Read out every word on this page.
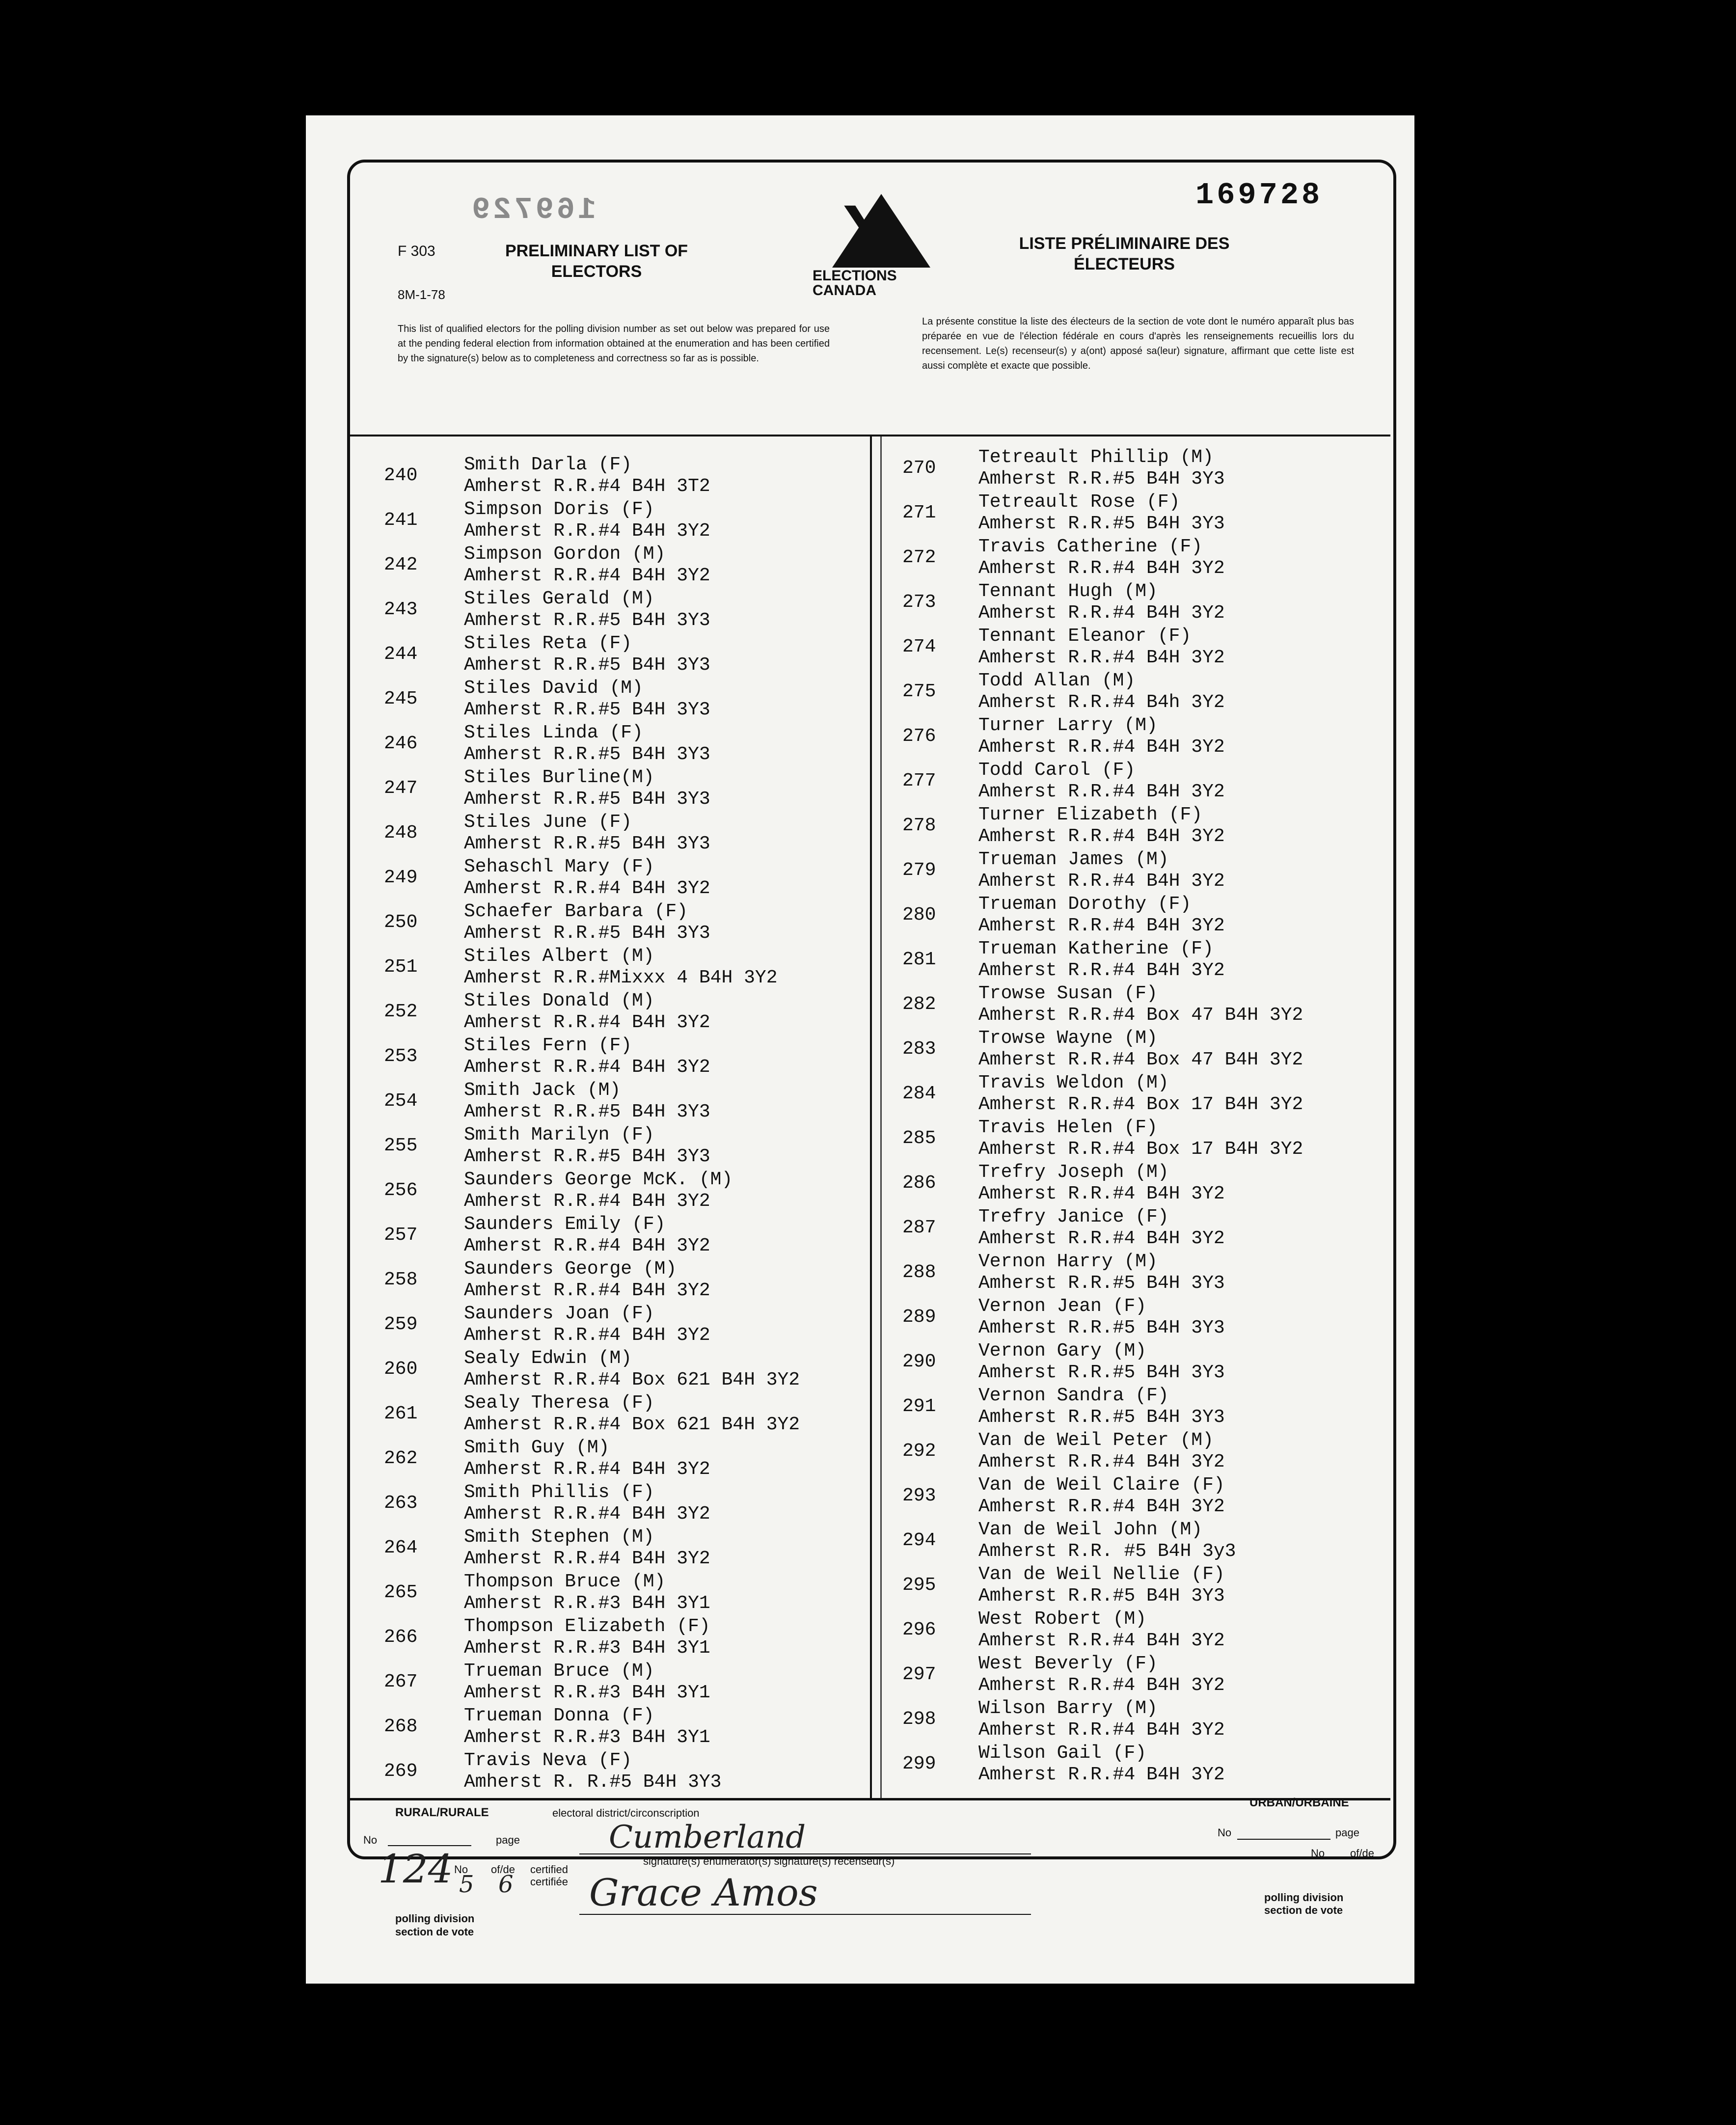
169729	169728
F 303
8M-1-78
PRELIMINARY LIST OF
ELECTORS
LISTE PRÉLIMINAIRE DES
ÉLECTEURS
X
ELECTIONS
CANADA
This list of qualified electors for the polling division number as set out below was prepared for use at the pending federal election from information obtained at the enumeration and has been certified by the signature(s) below as to completeness and correctness so far as is possible.
La présente constitue la liste des électeurs de la section de vote dont le numéro apparaît plus bas préparée en vue de l'élection fédérale en cours d'après les renseignements recueillis lors du recensement. Le(s) recenseur(s) y a(ont) apposé sa(leur) signature, affirmant que cette liste est aussi complète et exacte que possible.
240
Smith Darla (F)
Amherst R.R.#4 B4H 3T2
241
Simpson Doris (F)
Amherst R.R.#4 B4H 3Y2
242
Simpson Gordon (M)
Amherst R.R.#4 B4H 3Y2
243
Stiles Gerald (M)
Amherst R.R.#5 B4H 3Y3
244
Stiles Reta (F)
Amherst R.R.#5 B4H 3Y3
245
Stiles David (M)
Amherst R.R.#5 B4H 3Y3
246
Stiles Linda (F)
Amherst R.R.#5 B4H 3Y3
247
Stiles Burline(M)
Amherst R.R.#5 B4H 3Y3
248
Stiles June (F)
Amherst R.R.#5 B4H 3Y3
249
Sehaschl Mary (F)
Amherst R.R.#4 B4H 3Y2
250
Schaefer Barbara (F)
Amherst R.R.#5 B4H 3Y3
251
Stiles Albert (M)
Amherst R.R.#Mixxx 4 B4H 3Y2
252
Stiles Donald (M)
Amherst R.R.#4 B4H 3Y2
253
Stiles Fern (F)
Amherst R.R.#4 B4H 3Y2
254
Smith Jack (M)
Amherst R.R.#5 B4H 3Y3
255
Smith Marilyn (F)
Amherst R.R.#5 B4H 3Y3
256
Saunders George McK. (M)
Amherst R.R.#4 B4H 3Y2
257
Saunders Emily (F)
Amherst R.R.#4 B4H 3Y2
258
Saunders George (M)
Amherst R.R.#4 B4H 3Y2
259
Saunders Joan (F)
Amherst R.R.#4 B4H 3Y2
260
Sealy Edwin (M)
Amherst R.R.#4 Box 621 B4H 3Y2
261
Sealy Theresa (F)
Amherst R.R.#4 Box 621 B4H 3Y2
262
Smith Guy (M)
Amherst R.R.#4 B4H 3Y2
263
Smith Phillis (F)
Amherst R.R.#4 B4H 3Y2
264
Smith Stephen (M)
Amherst R.R.#4 B4H 3Y2
265
Thompson Bruce (M)
Amherst R.R.#3 B4H 3Y1
266
Thompson Elizabeth (F)
Amherst R.R.#3 B4H 3Y1
267
Trueman Bruce (M)
Amherst R.R.#3 B4H 3Y1
268
Trueman Donna (F)
Amherst R.R.#3 B4H 3Y1
269
Travis Neva (F)
Amherst R. R.#5 B4H 3Y3
270
Tetreault Phillip (M)
Amherst R.R.#5 B4H 3Y3
271
Tetreault Rose (F)
Amherst R.R.#5 B4H 3Y3
272
Travis Catherine (F)
Amherst R.R.#4 B4H 3Y2
273
Tennant Hugh (M)
Amherst R.R.#4 B4H 3Y2
274
Tennant Eleanor (F)
Amherst R.R.#4 B4H 3Y2
275
Todd Allan (M)
Amherst R.R.#4 B4h 3Y2
276
Turner Larry (M)
Amherst R.R.#4 B4H 3Y2
277
Todd Carol (F)
Amherst R.R.#4 B4H 3Y2
278
Turner Elizabeth (F)
Amherst R.R.#4 B4H 3Y2
279
Trueman James (M)
Amherst R.R.#4 B4H 3Y2
280
Trueman Dorothy (F)
Amherst R.R.#4 B4H 3Y2
281
Trueman Katherine (F)
Amherst R.R.#4 B4H 3Y2
282
Trowse Susan (F)
Amherst R.R.#4 Box 47 B4H 3Y2
283
Trowse Wayne (M)
Amherst R.R.#4 Box 47 B4H 3Y2
284
Travis Weldon (M)
Amherst R.R.#4 Box 17 B4H 3Y2
285
Travis Helen (F)
Amherst R.R.#4 Box 17 B4H 3Y2
286
Trefry Joseph (M)
Amherst R.R.#4 B4H 3Y2
287
Trefry Janice (F)
Amherst R.R.#4 B4H 3Y2
288
Vernon Harry (M)
Amherst R.R.#5 B4H 3Y3
289
Vernon Jean (F)
Amherst R.R.#5 B4H 3Y3
290
Vernon Gary (M)
Amherst R.R.#5 B4H 3Y3
291
Vernon Sandra (F)
Amherst R.R.#5 B4H 3Y3
292
Van de Weil Peter (M)
Amherst R.R.#4 B4H 3Y2
293
Van de Weil Claire (F)
Amherst R.R.#4 B4H 3Y2
294
Van de Weil John (M)
Amherst R.R. #5 B4H 3y3
295
Van de Weil Nellie (F)
Amherst R.R.#5 B4H 3Y3
296
West Robert (M)
Amherst R.R.#4 B4H 3Y2
297
West Beverly (F)
Amherst R.R.#4 B4H 3Y2
298
Wilson Barry (M)
Amherst R.R.#4 B4H 3Y2
299
Wilson Gail (F)
Amherst R.R.#4 B4H 3Y2
RURAL/RURALE	electoral district/circonscription
URBAN/URBAINE
No	page
No of/de certified
certifiée
signature(s) enumerator(s) signature(s) recenseur(s)
polling division
section de vote
No	page
No of/de
polling division
section de vote
Cumberland
124 5 6 Grace Amos
